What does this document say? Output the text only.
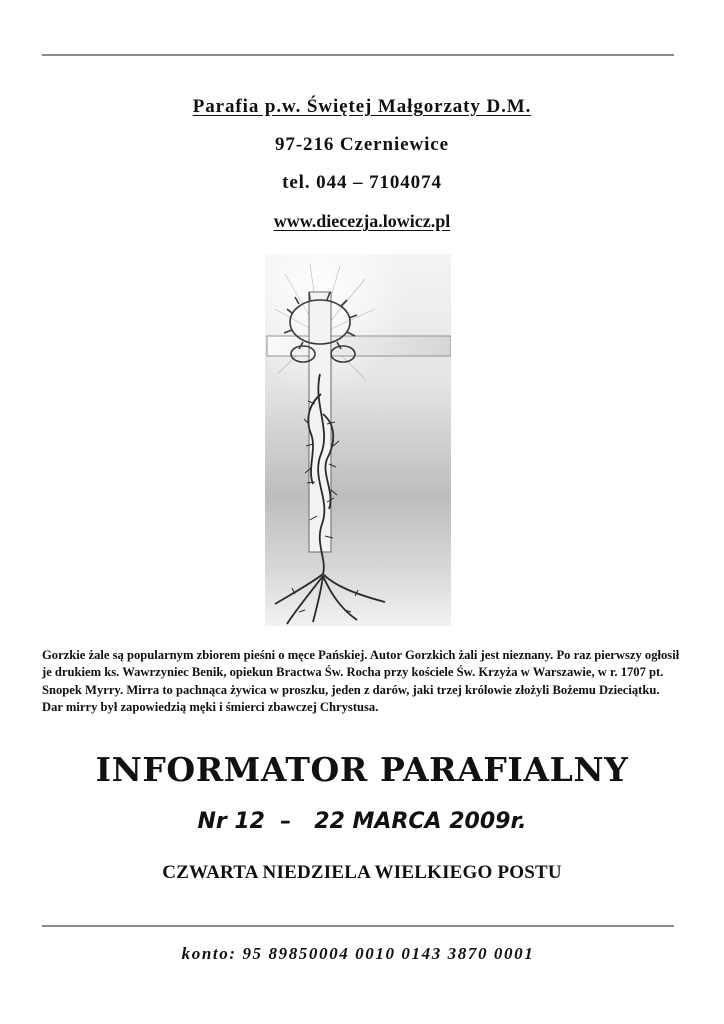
Parafia p.w. Świętej Małgorzaty D.M.
97-216 Czerniewice
tel. 044 – 7104074
www.diecezja.lowicz.pl
Gorzkie żale są popularnym zbiorem pieśni o męce Pańskiej. Autor Gorzkich żali jest nieznany. Po raz pierwszy ogłosił je drukiem ks. Wawrzyniec Benik, opiekun Bractwa Św. Rocha przy kościele Św. Krzyża w Warszawie, w r. 1707 pt. Snopek Myrry. Mirra to pachnąca żywica w proszku, jeden z darów, jaki trzej królowie złożyli Bożemu Dzieciątku. Dar mirry był zapowiedzią męki i śmierci zbawczej Chrystusa.
INFORMATOR PARAFIALNY
Nr 12  –   22 MARCA 2009r.
CZWARTA NIEDZIELA WIELKIEGO POSTU
konto: 95 89850004 0010 0143 3870 0001
